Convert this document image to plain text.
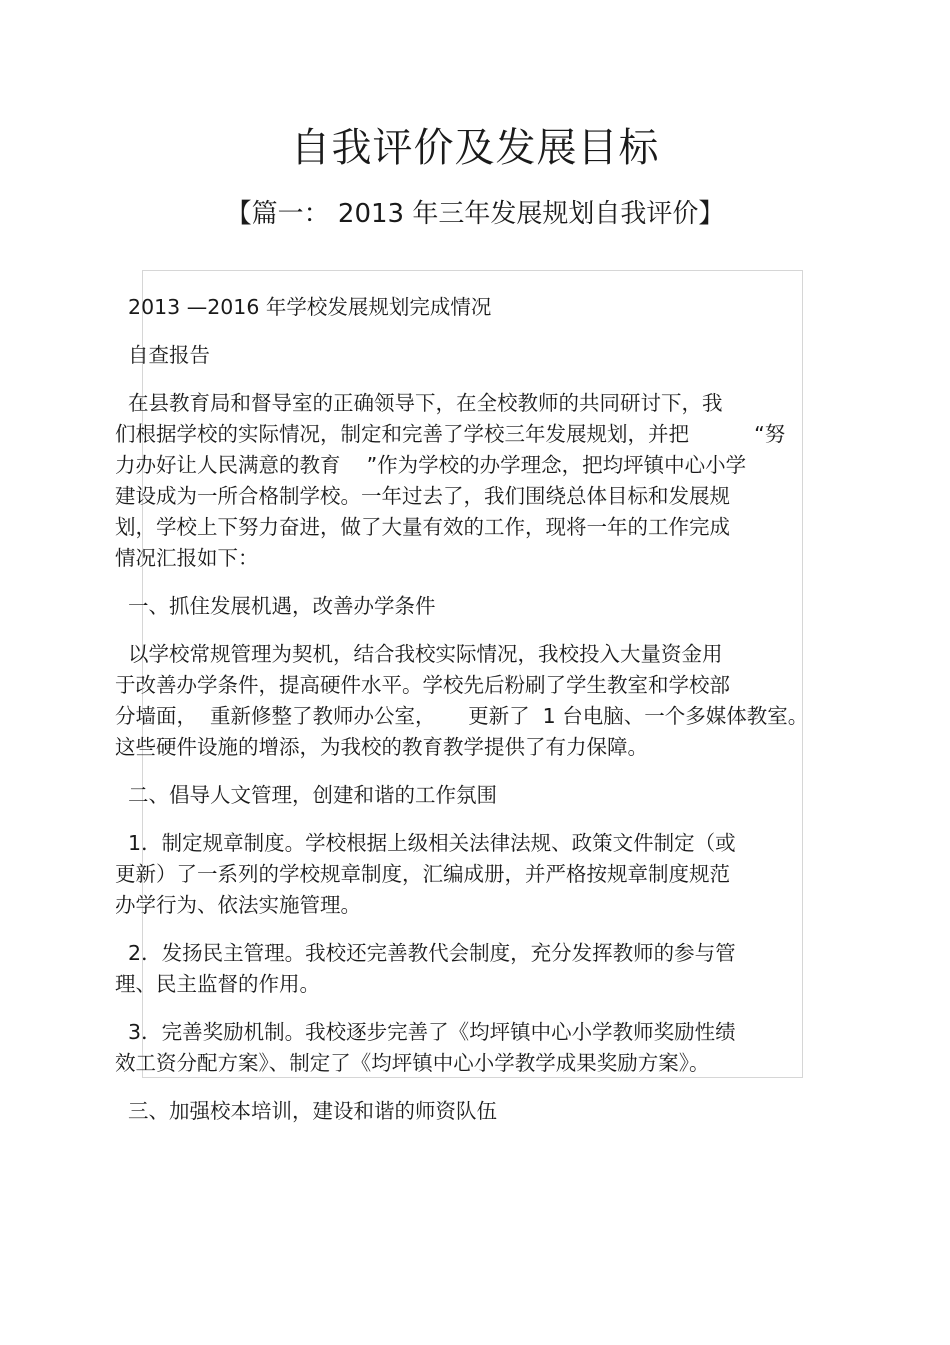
自我评价及发展目标
【篇一： 2013 年三年发展规划自我评价】
2013 —2016 年学校发展规划完成情况
自查报告
在县教育局和督导室的正确领导下，在全校教师的共同研讨下，我
们根据学校的实际情况，制定和完善了学校三年发展规划，并把          “努
力办好让人民满意的教育    ”作为学校的办学理念，把均坪镇中心小学
建设成为一所合格制学校。一年过去了，我们围绕总体目标和发展规
划，学校上下努力奋进，做了大量有效的工作，现将一年的工作完成
情况汇报如下：
一、抓住发展机遇，改善办学条件
以学校常规管理为契机，结合我校实际情况，我校投入大量资金用
于改善办学条件，提高硬件水平。学校先后粉刷了学生教室和学校部
分墙面，  重新修整了教师办公室，     更新了  1 台电脑、一个多媒体教室。
这些硬件设施的增添，为我校的教育教学提供了有力保障。
二、倡导人文管理，创建和谐的工作氛围
1．制定规章制度。学校根据上级相关法律法规、政策文件制定（或
更新）了一系列的学校规章制度，汇编成册，并严格按规章制度规范
办学行为、依法实施管理。
2．发扬民主管理。我校还完善教代会制度，充分发挥教师的参与管
理、民主监督的作用。
3．完善奖励机制。我校逐步完善了《均坪镇中心小学教师奖励性绩
效工资分配方案》、制定了《均坪镇中心小学教学成果奖励方案》。
三、加强校本培训，建设和谐的师资队伍
